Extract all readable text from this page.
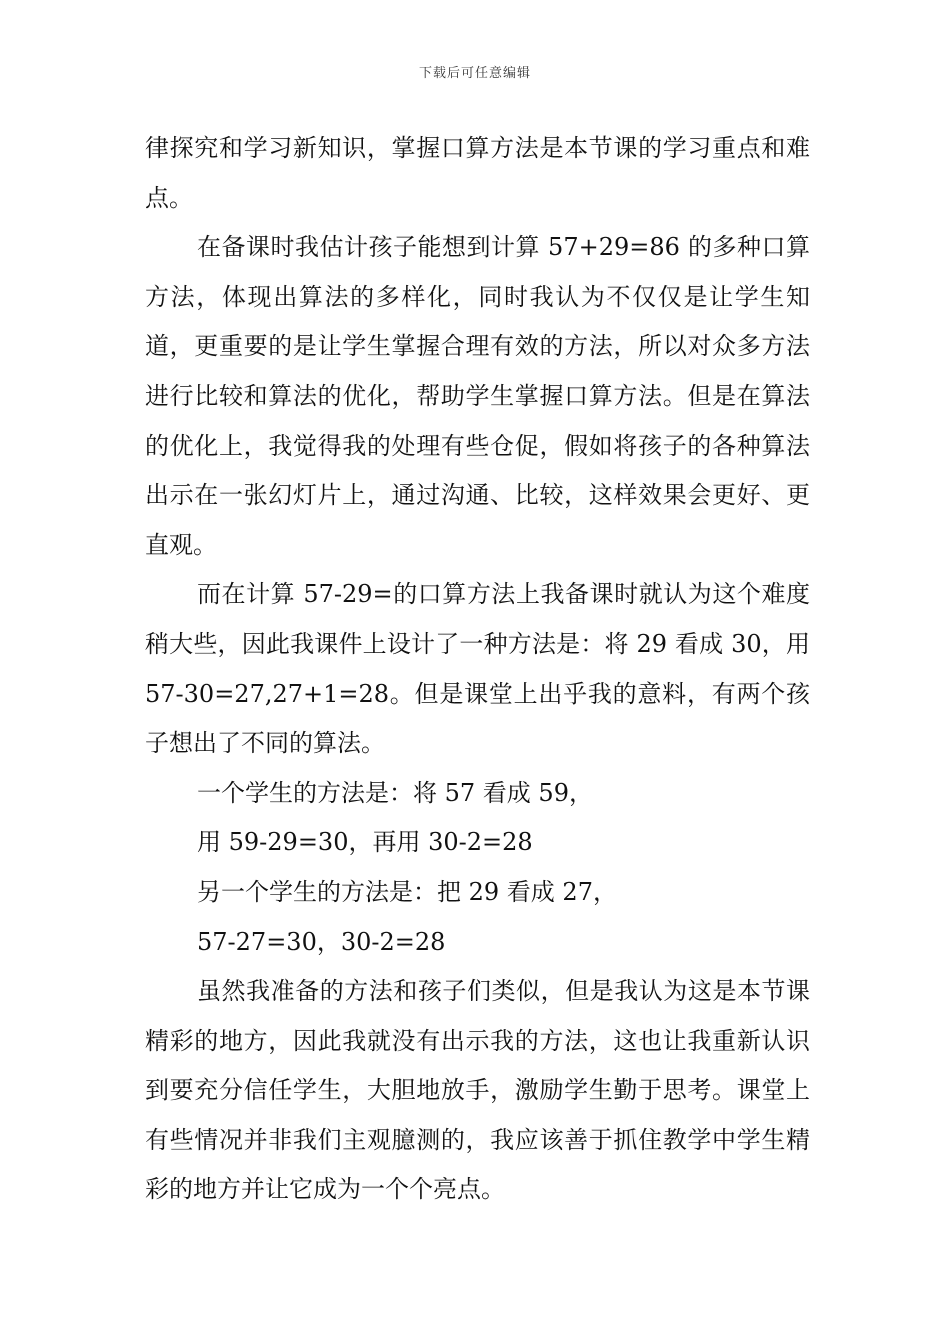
下载后可任意编辑

律探究和学习新知识，掌握口算方法是本节课的学习重点和难点。

在备课时我估计孩子能想到计算 57+29=86 的多种口算方法，体现出算法的多样化，同时我认为不仅仅是让学生知道，更重要的是让学生掌握合理有效的方法，所以对众多方法进行比较和算法的优化，帮助学生掌握口算方法。但是在算法的优化上，我觉得我的处理有些仓促，假如将孩子的各种算法出示在一张幻灯片上，通过沟通、比较，这样效果会更好、更直观。

而在计算 57-29=的口算方法上我备课时就认为这个难度稍大些，因此我课件上设计了一种方法是：将 29 看成 30，用 57-30=27,27+1=28。但是课堂上出乎我的意料，有两个孩子想出了不同的算法。

一个学生的方法是：将 57 看成 59，

用 59-29=30，再用 30-2=28

另一个学生的方法是：把 29 看成 27，

57-27=30，30-2=28

虽然我准备的方法和孩子们类似，但是我认为这是本节课精彩的地方，因此我就没有出示我的方法，这也让我重新认识到要充分信任学生，大胆地放手，激励学生勤于思考。课堂上有些情况并非我们主观臆测的，我应该善于抓住教学中学生精彩的地方并让它成为一个个亮点。
